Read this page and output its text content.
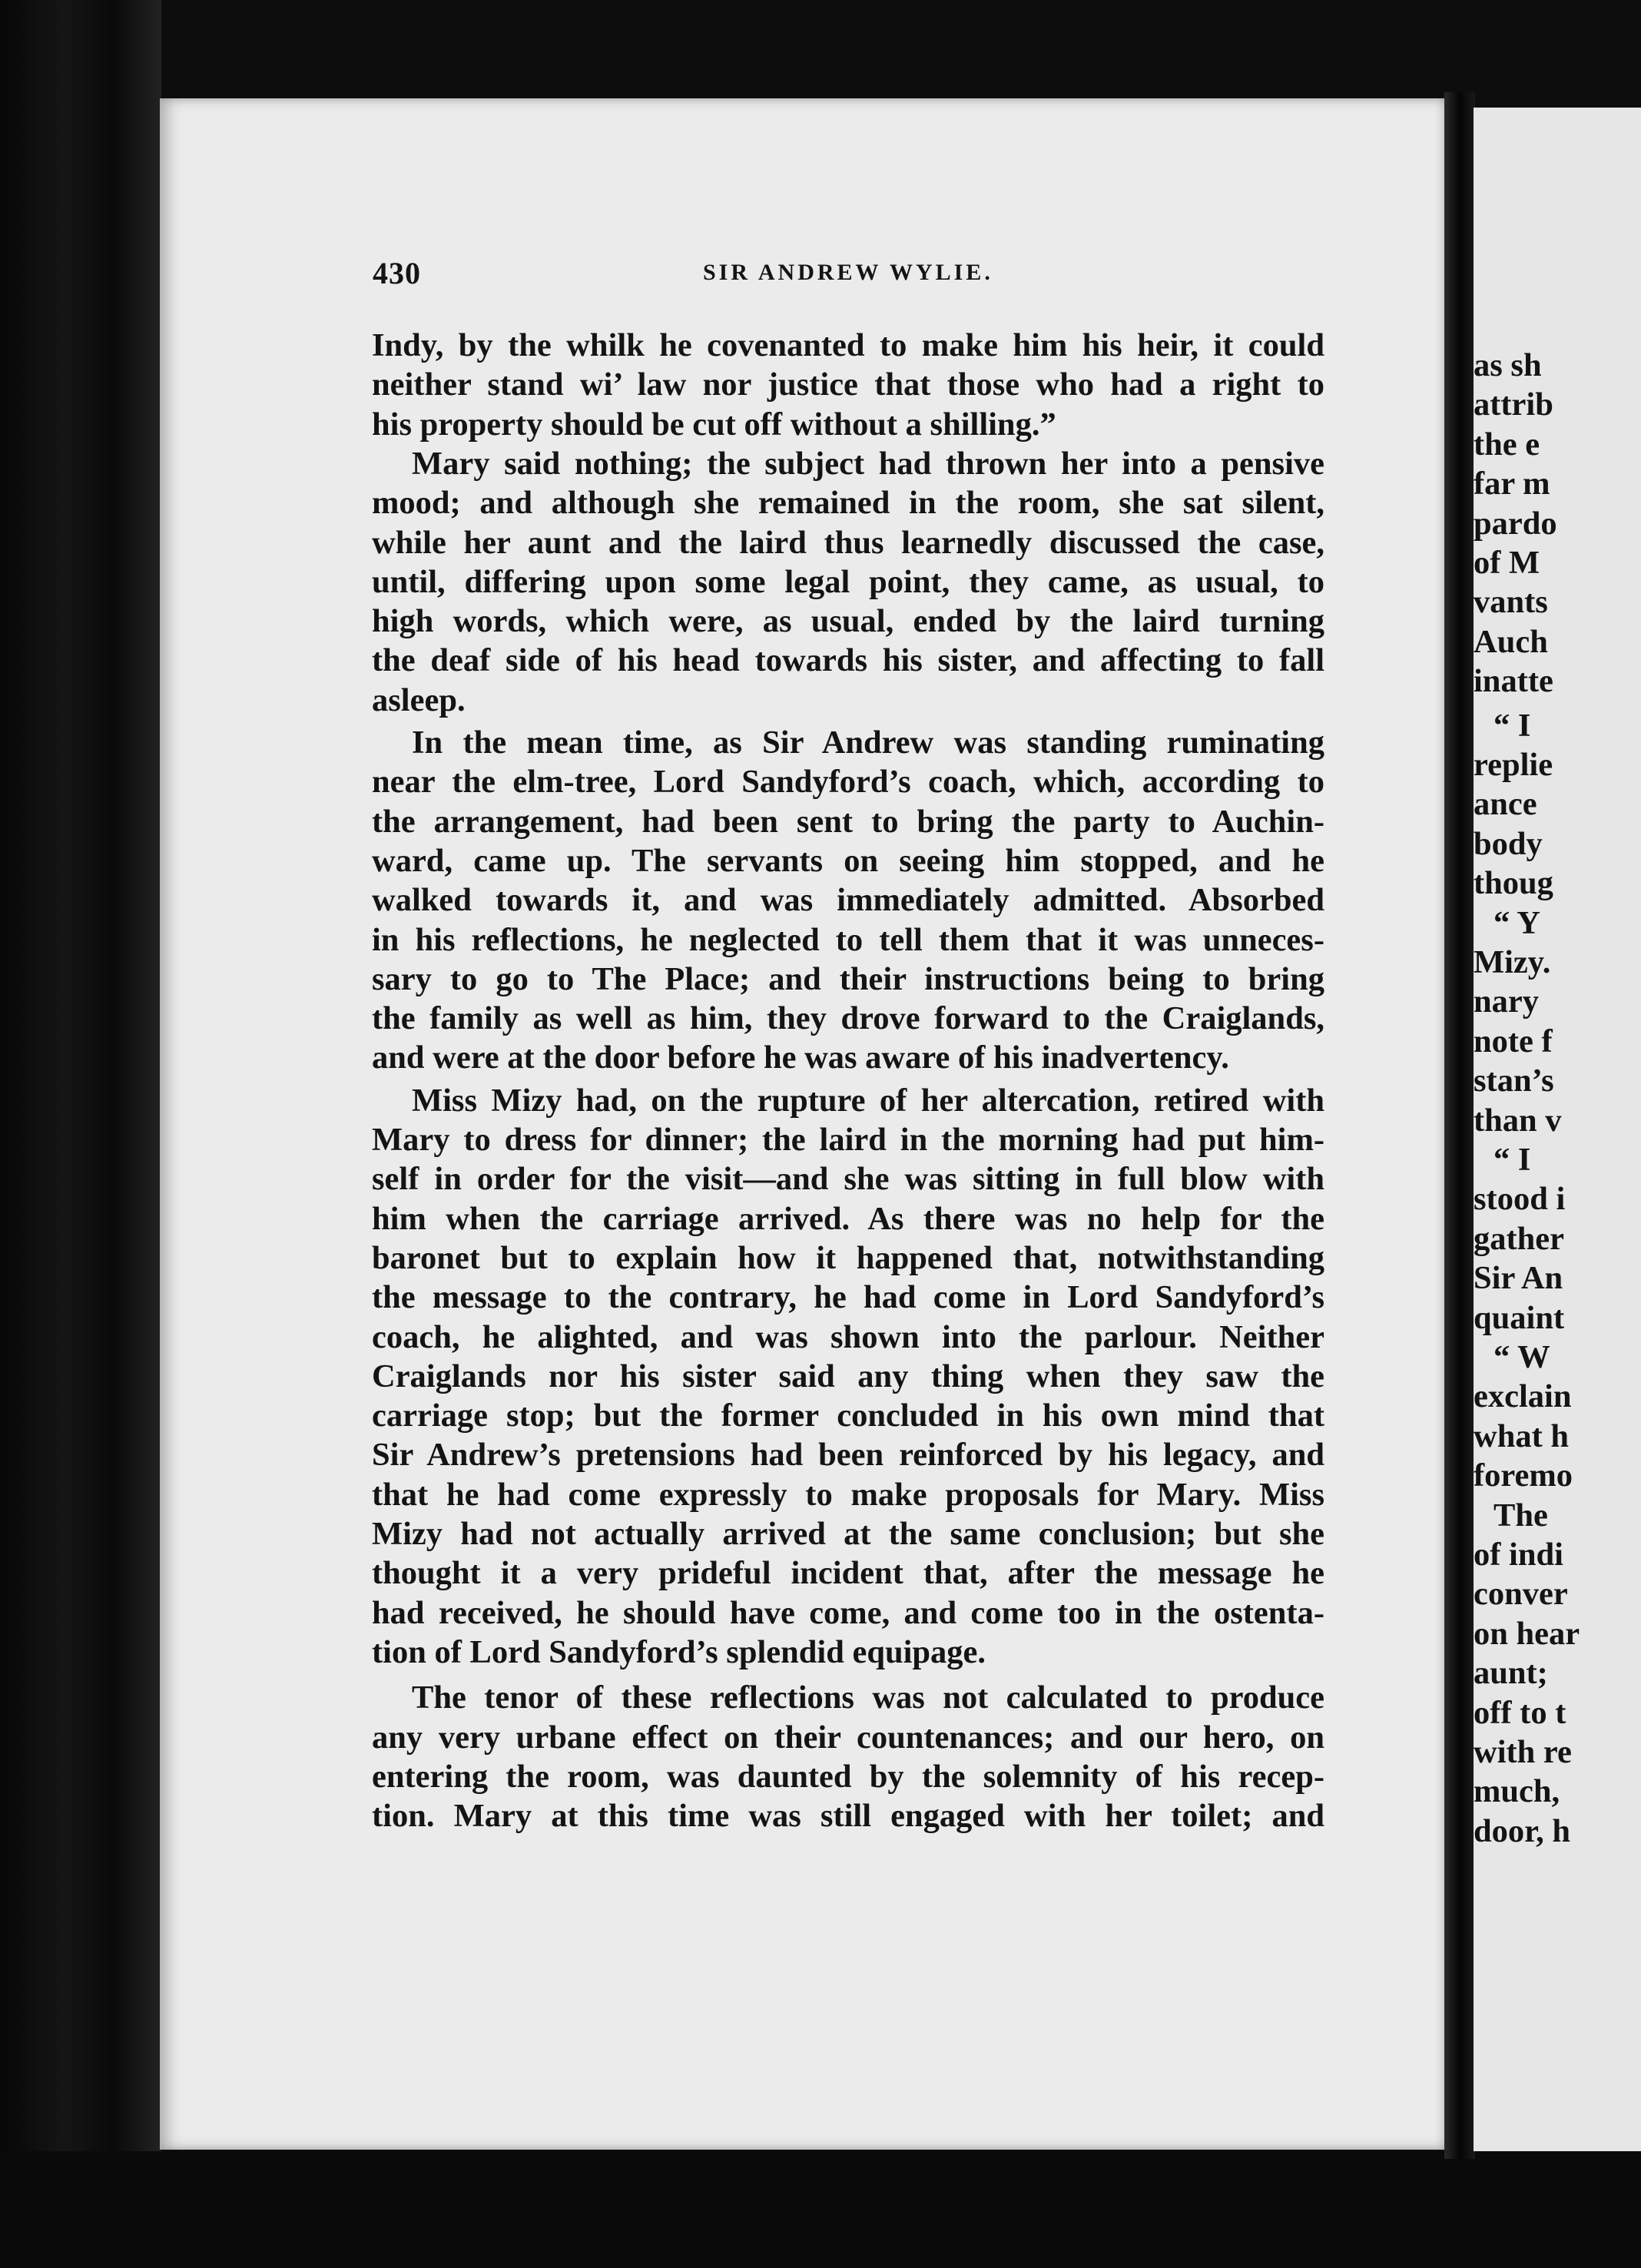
as sh
attrib
the e
far m
pardo
of M
vants
Auch
inatte
“ I
replie
ance
body
thoug
“ Y
Mizy.
nary
note f
stan’s
than v
“ I
stood i
gather
Sir An
quaint
“ W
exclain
what h
foremo
The
of indi
conver
on hear
aunt;
off to t
with re
much,
door, h
430	SIR ANDREW WYLIE.
Indy, by the whilk he covenanted to make him his heir, it could
neither stand wi’ law nor justice that those who had a right to
his property should be cut off without a shilling.”
Mary said nothing; the subject had thrown her into a pensive
mood; and although she remained in the room, she sat silent,
while her aunt and the laird thus learnedly discussed the case,
until, differing upon some legal point, they came, as usual, to
high words, which were, as usual, ended by the laird turning
the deaf side of his head towards his sister, and affecting to fall
asleep.
In the mean time, as Sir Andrew was standing ruminating
near the elm-tree, Lord Sandyford’s coach, which, according to
the arrangement, had been sent to bring the party to Auchin-
ward, came up. The servants on seeing him stopped, and he
walked towards it, and was immediately admitted. Absorbed
in his reflections, he neglected to tell them that it was unneces-
sary to go to The Place; and their instructions being to bring
the family as well as him, they drove forward to the Craiglands,
and were at the door before he was aware of his inadvertency.
Miss Mizy had, on the rupture of her altercation, retired with
Mary to dress for dinner; the laird in the morning had put him-
self in order for the visit—and she was sitting in full blow with
him when the carriage arrived. As there was no help for the
baronet but to explain how it happened that, notwithstanding
the message to the contrary, he had come in Lord Sandyford’s
coach, he alighted, and was shown into the parlour. Neither
Craiglands nor his sister said any thing when they saw the
carriage stop; but the former concluded in his own mind that
Sir Andrew’s pretensions had been reinforced by his legacy, and
that he had come expressly to make proposals for Mary. Miss
Mizy had not actually arrived at the same conclusion; but she
thought it a very prideful incident that, after the message he
had received, he should have come, and come too in the ostenta-
tion of Lord Sandyford’s splendid equipage.
The tenor of these reflections was not calculated to produce
any very urbane effect on their countenances; and our hero, on
entering the room, was daunted by the solemnity of his recep-
tion. Mary at this time was still engaged with her toilet; and
